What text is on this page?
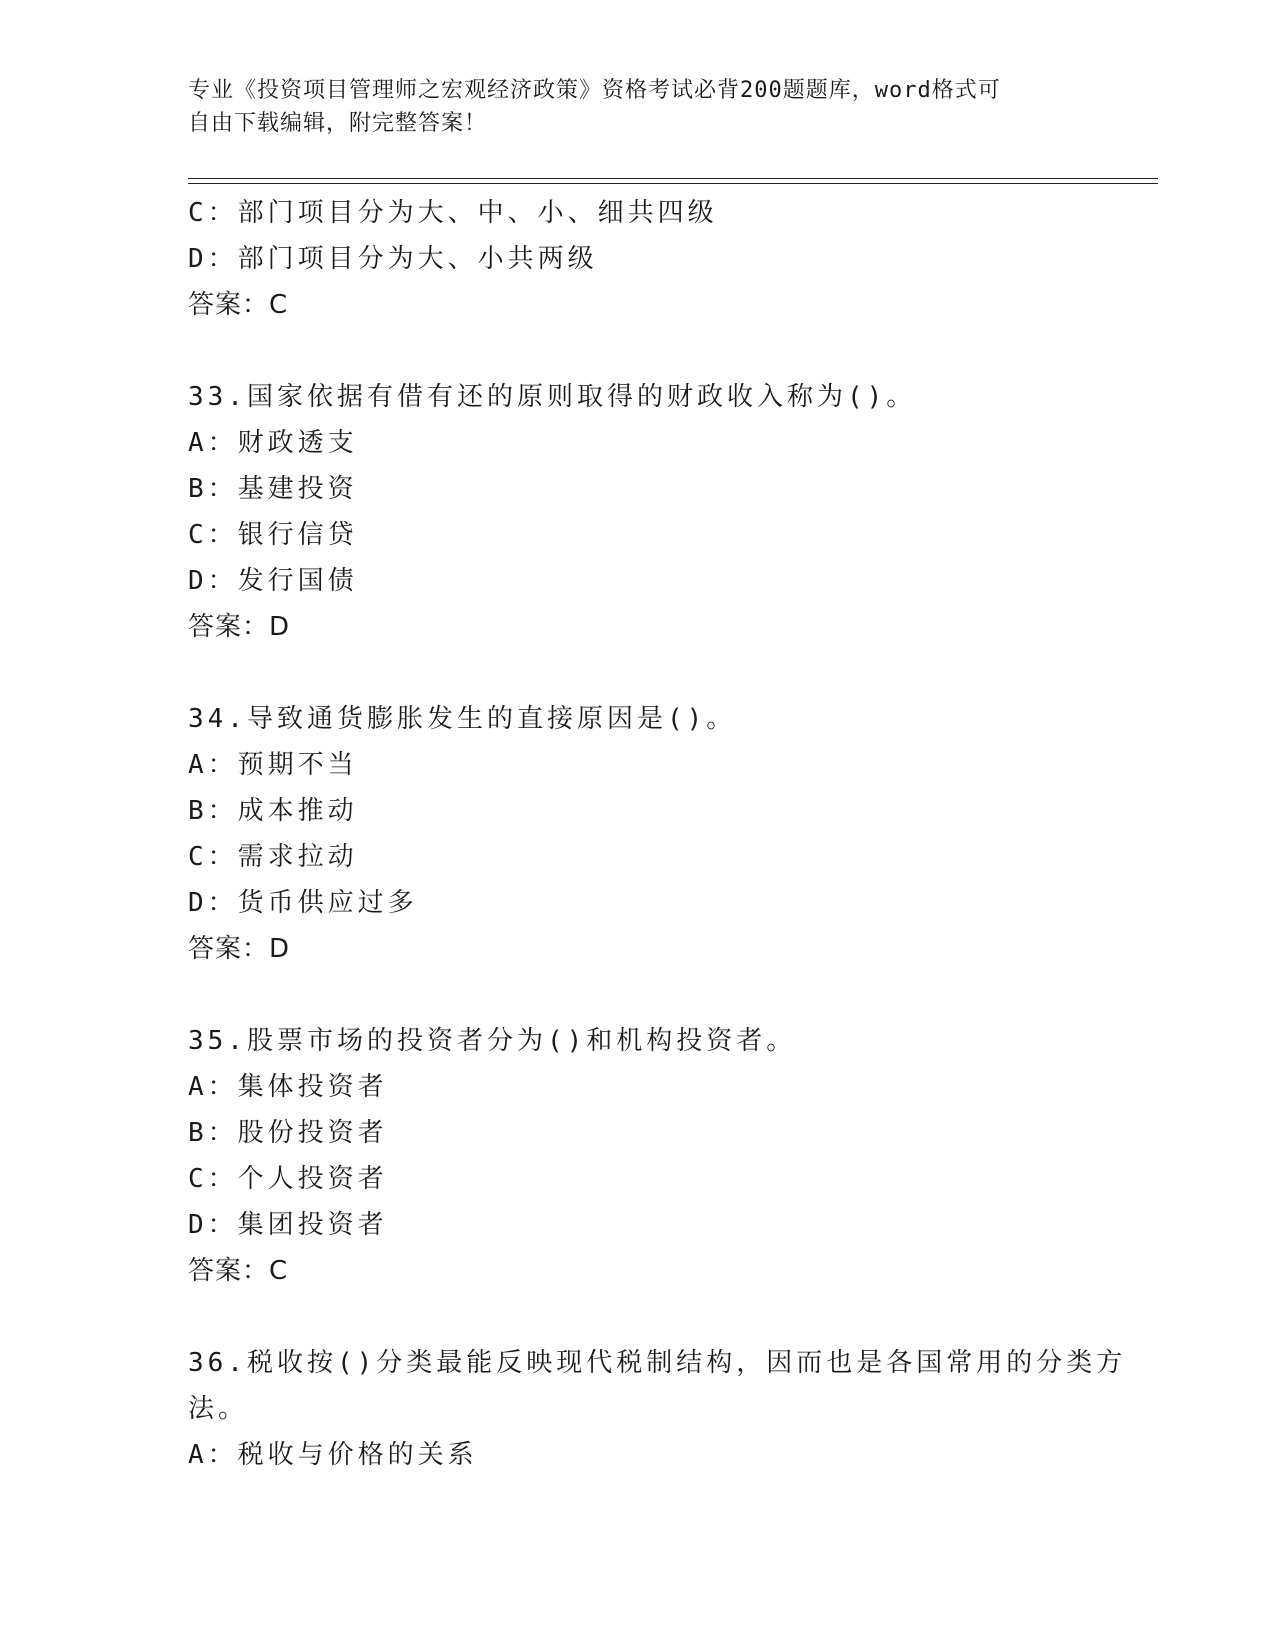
专业《投资项目管理师之宏观经济政策》资格考试必背200题题库，word格式可
自由下载编辑，附完整答案！
C：部门项目分为大、中、小、细共四级
D：部门项目分为大、小共两级
答案：C
33.国家依据有借有还的原则取得的财政收入称为()。
A：财政透支
B：基建投资
C：银行信贷
D：发行国债
答案：D
34.导致通货膨胀发生的直接原因是()。
A：预期不当
B：成本推动
C：需求拉动
D：货币供应过多
答案：D
35.股票市场的投资者分为()和机构投资者。
A：集体投资者
B：股份投资者
C：个人投资者
D：集团投资者
答案：C
36.税收按()分类最能反映现代税制结构，因而也是各国常用的分类方
法。
A：税收与价格的关系
